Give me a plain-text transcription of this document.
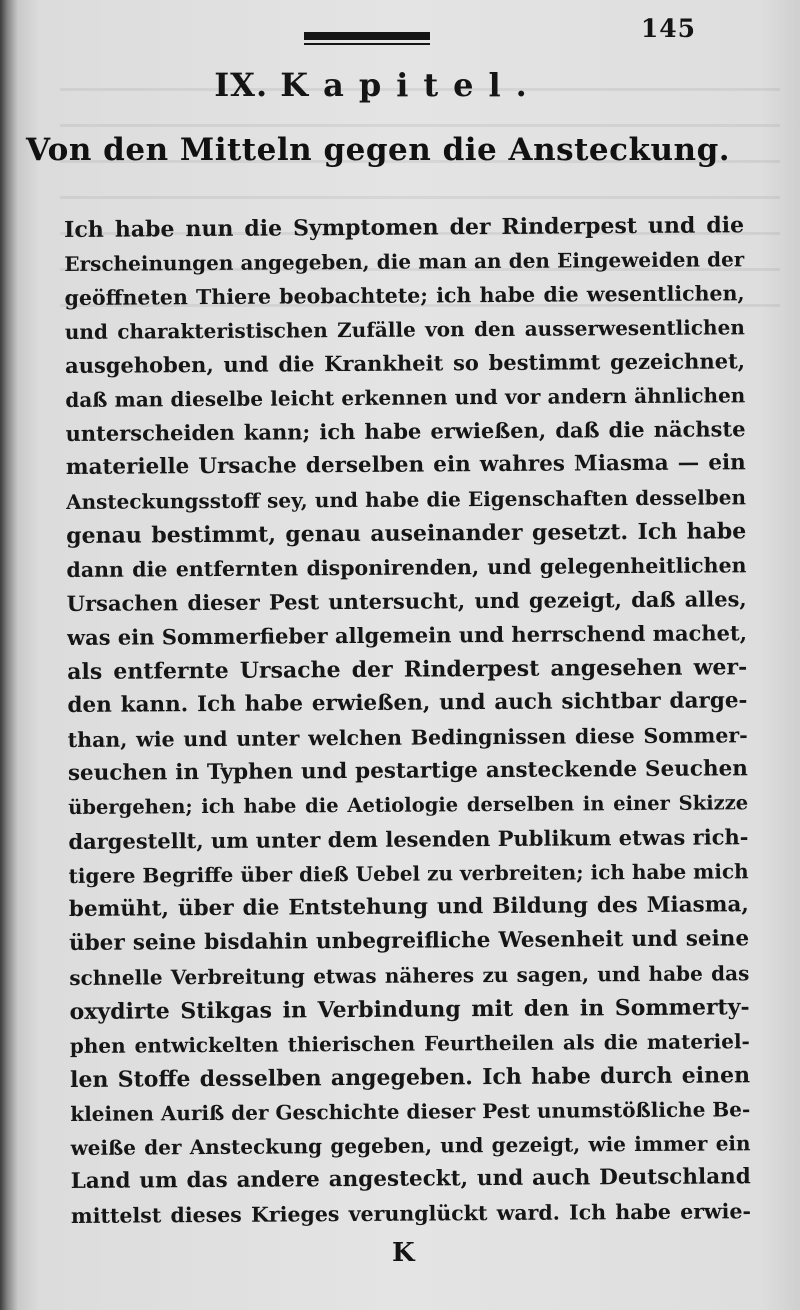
145
IX. Kapitel.
Von den Mitteln gegen die Ansteckung.
Ich habe nun die Symptomen der Rinderpest und die
Erscheinungen angegeben, die man an den Eingeweiden der
geöffneten Thiere beobachtete; ich habe die wesentlichen,
und charakteristischen Zufälle von den ausserwesentlichen
ausgehoben, und die Krankheit so bestimmt gezeichnet,
daß man dieselbe leicht erkennen und vor andern ähnlichen
unterscheiden kann; ich habe erwießen, daß die nächste
materielle Ursache derselben ein wahres Miasma — ein
Ansteckungsstoff sey, und habe die Eigenschaften desselben
genau bestimmt, genau auseinander gesetzt. Ich habe
dann die entfernten disponirenden, und gelegenheitlichen
Ursachen dieser Pest untersucht, und gezeigt, daß alles,
was ein Sommerfieber allgemein und herrschend machet,
als entfernte Ursache der Rinderpest angesehen wer-
den kann. Ich habe erwießen, und auch sichtbar darge-
than, wie und unter welchen Bedingnissen diese Sommer-
seuchen in Typhen und pestartige ansteckende Seuchen
übergehen; ich habe die Aetiologie derselben in einer Skizze
dargestellt, um unter dem lesenden Publikum etwas rich-
tigere Begriffe über dieß Uebel zu verbreiten; ich habe mich
bemüht, über die Entstehung und Bildung des Miasma,
über seine bisdahin unbegreifliche Wesenheit und seine
schnelle Verbreitung etwas näheres zu sagen, und habe das
oxydirte Stikgas in Verbindung mit den in Sommerty-
phen entwickelten thierischen Feurtheilen als die materiel-
len Stoffe desselben angegeben. Ich habe durch einen
kleinen Auriß der Geschichte dieser Pest unumstößliche Be-
weiße der Ansteckung gegeben, und gezeigt, wie immer ein
Land um das andere angesteckt, und auch Deutschland
mittelst dieses Krieges verunglückt ward. Ich habe erwie-
K
